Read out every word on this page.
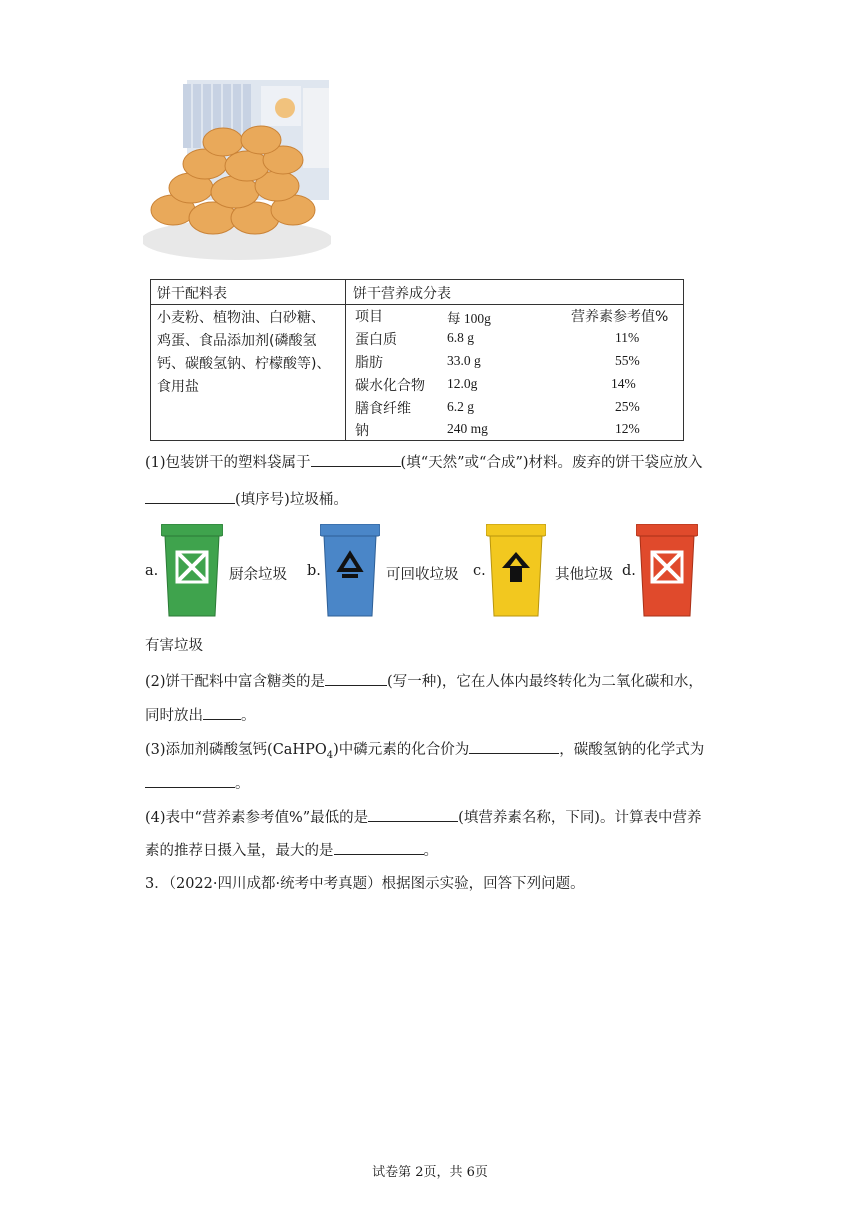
饼干配料表	饼干营养成分表
小麦粉、植物油、白砂糖、
鸡蛋、食品添加剂(磷酸氢
钙、碳酸氢钠、柠檬酸等)、
食用盐
项目	每 100g	营养素参考值%
蛋白质	6.8 g	11%
脂肪	33.0 g	55%
碳水化合物 12.0g	14%
膳食纤维	6.2 g	25%
钠	240 mg	12%
(1)包装饼干的塑料袋属于	(填“天然”或“合成”)材料。废弃的饼干袋应放入
(填序号)垃圾桶。
a.	厨余垃圾 b.	可回收垃圾 c.	其他垃圾 d.
有害垃圾
(2)饼干配料中富含糖类的是	(写一种)，它在人体内最终转化为二氧化碳和水，
同时放出	。
(3)添加剂磷酸氢钙(CaHPO$_4$)中磷元素的化合价为	，碳酸氢钠的化学式为
。
(4)表中“营养素参考值%”最低的是	(填营养素名称，下同)。计算表中营养
素的推荐日摄入量，最大的是	。
3．（2022·四川成都·统考中考真题）根据图示实验，回答下列问题。
试卷第 2页，共 6页
